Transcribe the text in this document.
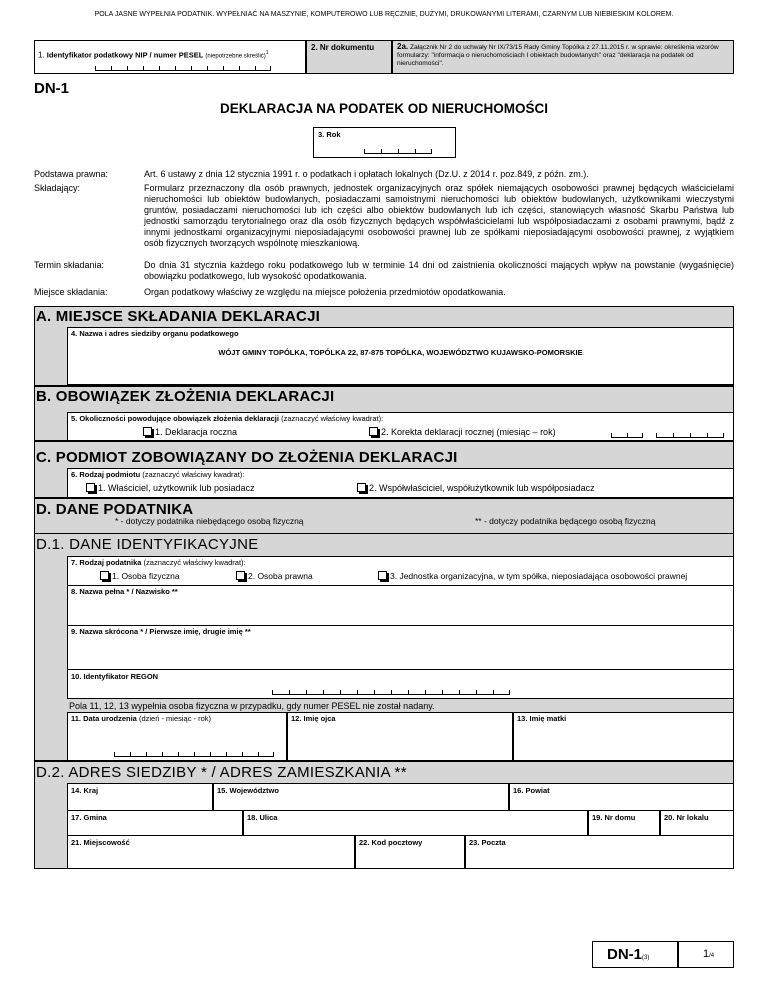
POLA JASNE WYPEŁNIA PODATNIK. WYPEŁNIAĆ NA MASZYNIE, KOMPUTEROWO LUB RĘCZNIE, DUŻYMI, DRUKOWANYMI LITERAMI, CZARNYM LUB NIEBIESKIM KOLOREM.
1. Identyfikator podatkowy NIP / numer PESEL (niepotrzebne skreślić)$^1$
2. Nr dokumentu	2a. Załącznik Nr 2 do uchwały Nr IX/73/15 Rady Gminy Topólka z 27.11.2015 r. w sprawie: określenia wzorów formularzy: "informacja o nieruchomościach I obiektach budowlanych" oraz "deklaracja na podatek od nieruchomości".
DN-1
DEKLARACJA NA PODATEK OD NIERUCHOMOŚCI
3. Rok
Podstawa prawna:	Art. 6 ustawy z dnia 12 stycznia 1991 r. o podatkach i opłatach lokalnych (Dz.U. z 2014 r. poz.849, z późn. zm.).
Składający:	Formularz przeznaczony dla osób prawnych, jednostek organizacyjnych oraz spółek niemających osobowości prawnej będących właścicielami nieruchomości lub obiektów budowlanych, posiadaczami samoistnymi nieruchomości lub obiektów budowlanych, użytkownikami wieczystymi gruntów, posiadaczami nieruchomości lub ich części albo obiektów budowlanych lub ich części, stanowiących własność Skarbu Państwa lub jednostki samorządu terytorialnego oraz dla osób fizycznych będących współwłaścicielami lub współposiadaczami z osobami prawnymi, bądź z innymi jednostkami organizacyjnymi nieposiadającymi osobowości prawnej lub ze spółkami nieposiadającymi osobowości prawnej, z wyjątkiem osób fizycznych tworzących wspólnotę mieszkaniową.
Termin składania:	Do dnia 31 stycznia każdego roku podatkowego lub w terminie 14 dni od zaistnienia okoliczności mających wpływ na powstanie (wygaśnięcie) obowiązku podatkowego, lub wysokość opodatkowania.
Miejsce składania:	Organ podatkowy właściwy ze względu na miejsce położenia przedmiotów opodatkowania.
A. MIEJSCE SKŁADANIA DEKLARACJI
4. Nazwa i adres siedziby organu podatkowego
WÓJT GMINY TOPÓLKA, TOPÓLKA 22, 87-875 TOPÓLKA, WOJEWÓDZTWO KUJAWSKO-POMORSKIE
B. OBOWIĄZEK ZŁOŻENIA DEKLARACJI
5. Okoliczności powodujące obowiązek złożenia deklaracji (zaznaczyć właściwy kwadrat):
1. Deklaracja roczna	2. Korekta deklaracji rocznej (miesiąc – rok)
C. PODMIOT ZOBOWIĄZANY DO ZŁOŻENIA DEKLARACJI
6. Rodzaj podmiotu (zaznaczyć właściwy kwadrat):
1. Właściciel, użytkownik lub posiadacz	2. Współwłaściciel, współużytkownik lub współposiadacz
D. DANE PODATNIKA
* - dotyczy podatnika niebędącego osobą fizyczną	** - dotyczy podatnika będącego osobą fizyczną
D.1. DANE IDENTYFIKACYJNE
7. Rodzaj podatnika (zaznaczyć właściwy kwadrat):
1. Osoba fizyczna	2. Osoba prawna	3. Jednostka organizacyjna, w tym spółka, nieposiadająca osobowości prawnej
8. Nazwa pełna * / Nazwisko **
9. Nazwa skrócona * / Pierwsze imię, drugie imię **
10. Identyfikator REGON
Pola 11, 12, 13 wypełnia osoba fizyczna w przypadku, gdy numer PESEL nie został nadany.
11. Data urodzenia (dzień - miesiąc - rok)	12. Imię ojca	13. Imię matki
D.2. ADRES SIEDZIBY * / ADRES ZAMIESZKANIA **
14. Kraj	15. Województwo	16. Powiat
17. Gmina	18. Ulica	19. Nr domu	20. Nr lokalu
21. Miejscowość	22. Kod pocztowy	23. Poczta
DN-1(3)	1/4
